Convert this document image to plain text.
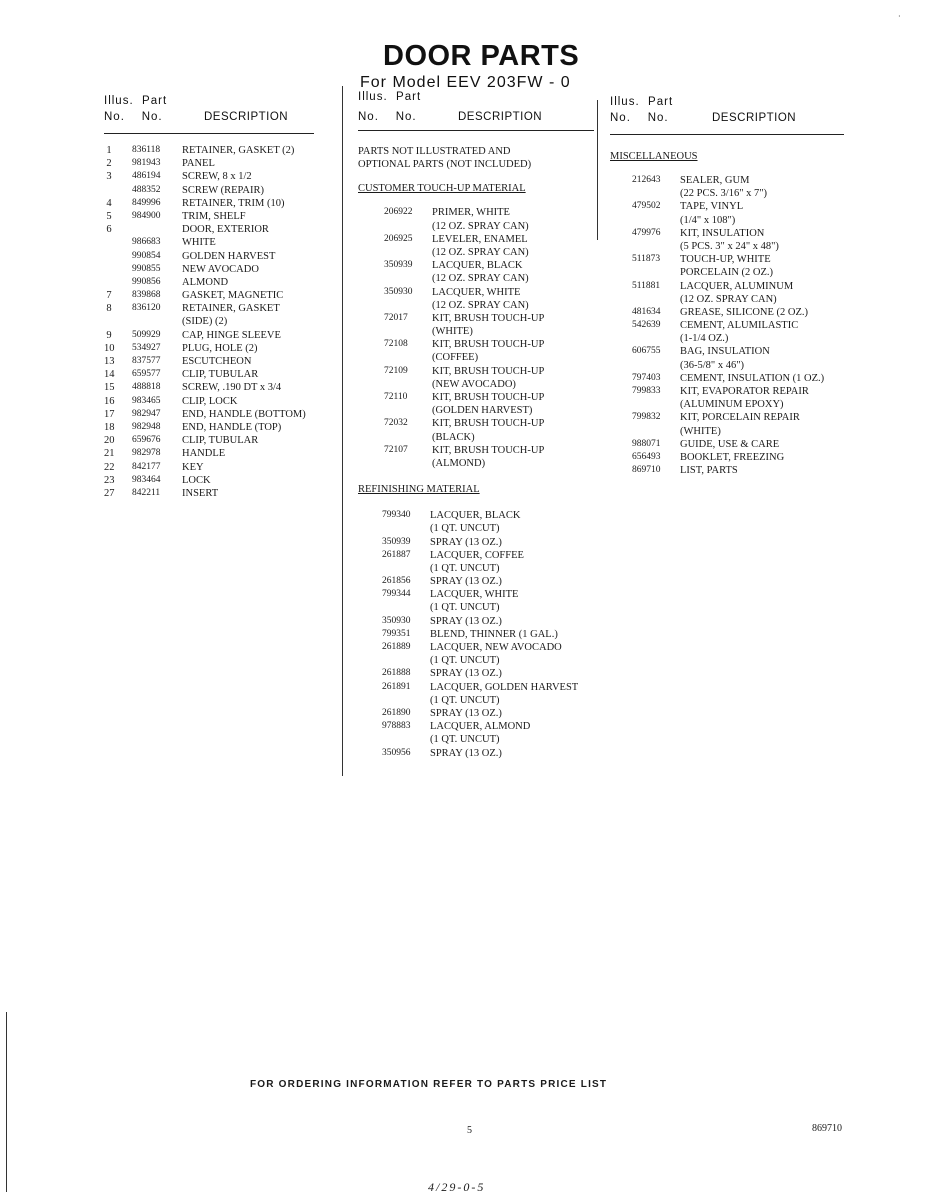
DOOR PARTS
For Model EEV 203FW - 0
·
Illus. Part
No. No.	DESCRIPTION
1 836118 RETAINER, GASKET (2)
2 981943 PANEL
3 486194 SCREW, 8 x 1/2
488352 SCREW (REPAIR)
4 849996 RETAINER, TRIM (10)
5 984900 TRIM, SHELF
6	DOOR, EXTERIOR
986683 WHITE
990854 GOLDEN HARVEST
990855 NEW AVOCADO
990856 ALMOND
7 839868 GASKET, MAGNETIC
8 836120 RETAINER, GASKET
(SIDE) (2)
9 509929 CAP, HINGE SLEEVE
10 534927 PLUG, HOLE (2)
13 837577 ESCUTCHEON
14 659577 CLIP, TUBULAR
15 488818 SCREW, .190 DT x 3/4
16 983465 CLIP, LOCK
17 982947 END, HANDLE (BOTTOM)
18 982948 END, HANDLE (TOP)
20 659676 CLIP, TUBULAR
21 982978 HANDLE
22 842177 KEY
23 983464 LOCK
27 842211 INSERT
Illus. Part
No. No.	DESCRIPTION
PARTS NOT ILLUSTRATED AND
OPTIONAL PARTS (NOT INCLUDED)
CUSTOMER TOUCH-UP MATERIAL
206922 PRIMER, WHITE
(12 OZ. SPRAY CAN)
206925 LEVELER, ENAMEL
(12 OZ. SPRAY CAN)
350939 LACQUER, BLACK
(12 OZ. SPRAY CAN)
350930 LACQUER, WHITE
(12 OZ. SPRAY CAN)
72017 KIT, BRUSH TOUCH-UP
(WHITE)
72108 KIT, BRUSH TOUCH-UP
(COFFEE)
72109 KIT, BRUSH TOUCH-UP
(NEW AVOCADO)
72110 KIT, BRUSH TOUCH-UP
(GOLDEN HARVEST)
72032 KIT, BRUSH TOUCH-UP
(BLACK)
72107 KIT, BRUSH TOUCH-UP
(ALMOND)
REFINISHING MATERIAL
799340 LACQUER, BLACK
(1 QT. UNCUT)
350939 SPRAY (13 OZ.)
261887 LACQUER, COFFEE
(1 QT. UNCUT)
261856 SPRAY (13 OZ.)
799344 LACQUER, WHITE
(1 QT. UNCUT)
350930 SPRAY (13 OZ.)
799351 BLEND, THINNER (1 GAL.)
261889 LACQUER, NEW AVOCADO
(1 QT. UNCUT)
261888 SPRAY (13 OZ.)
261891 LACQUER, GOLDEN HARVEST
(1 QT. UNCUT)
261890 SPRAY (13 OZ.)
978883 LACQUER, ALMOND
(1 QT. UNCUT)
350956 SPRAY (13 OZ.)
Illus. Part
No. No.	DESCRIPTION
MISCELLANEOUS
212643 SEALER, GUM
(22 PCS. 3/16" x 7")
479502 TAPE, VINYL
(1/4" x 108")
479976 KIT, INSULATION
(5 PCS. 3" x 24" x 48")
511873 TOUCH-UP, WHITE
PORCELAIN (2 OZ.)
511881 LACQUER, ALUMINUM
(12 OZ. SPRAY CAN)
481634 GREASE, SILICONE (2 OZ.)
542639 CEMENT, ALUMILASTIC
(1-1/4 OZ.)
606755 BAG, INSULATION
(36-5/8" x 46")
797403 CEMENT, INSULATION (1 OZ.)
799833 KIT, EVAPORATOR REPAIR
(ALUMINUM EPOXY)
799832 KIT, PORCELAIN REPAIR
(WHITE)
988071 GUIDE, USE & CARE
656493 BOOKLET, FREEZING
869710 LIST, PARTS
FOR ORDERING INFORMATION REFER TO PARTS PRICE LIST
5	869710
4/29-0-5
